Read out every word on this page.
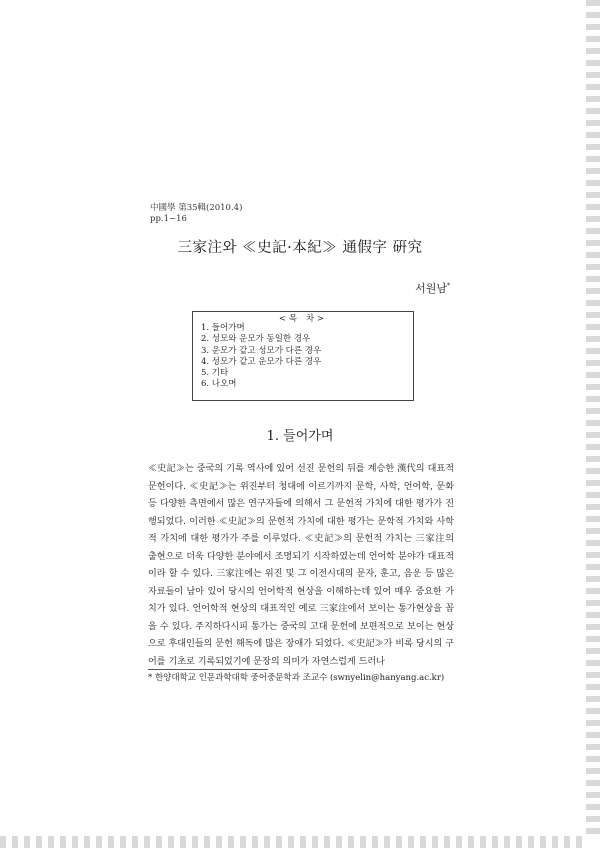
中國學 第35輯(2010.4)
pp.1~16
三家注와 ≪史記·本紀≫ 通假字 硏究
서원남*
<목 차>
1. 들어가며
2. 성모와 운모가 동일한 경우
3. 운모가 같고 성모가 다른 경우
4. 성모가 같고 운모가 다른 경우
5. 기타
6. 나오며
1. 들어가며

≪史記≫는 중국의 기록 역사에 있어 선진 문헌의 뒤를 계승한 漢代의 대표적 문헌이다. ≪史記≫는 위진부터 청대에 이르기까지 문학, 사학, 언어학, 문화 등 다양한 측면에서 많은 연구자들에 의해서 그 문헌적 가치에 대한 평가가 진행되었다. 이러한 ≪史記≫의 문헌적 가치에 대한 평가는 문학적 가치와 사학적 가치에 대한 평가가 주를 이루었다. ≪史記≫의 문헌적 가치는 三家注의 출현으로 더욱 다양한 분야에서 조명되기 시작하였는데 언어학 분야가 대표적이라 할 수 있다. 三家注에는 위진 및 그 이전시대의 문자, 훈고, 음운 등 많은 자료들이 남아 있어 당시의 언어학적 현상을 이해하는데 있어 매우 중요한 가치가 있다. 언어학적 현상의 대표적인 예로 三家注에서 보이는 통가현상을 꼽을 수 있다. 주지하다시피 통가는 중국의 고대 문헌에 보편적으로 보이는 현상으로 후대인들의 문헌 해독에 많은 장애가 되었다. ≪史記≫가 비록 당시의 구어를 기초로 기록되었기에 문장의 의미가 자연스럽게 드러나

* 한양대학교 인문과학대학 중어중문학과 조교수 (swnyelin@hanyang.ac.kr)
